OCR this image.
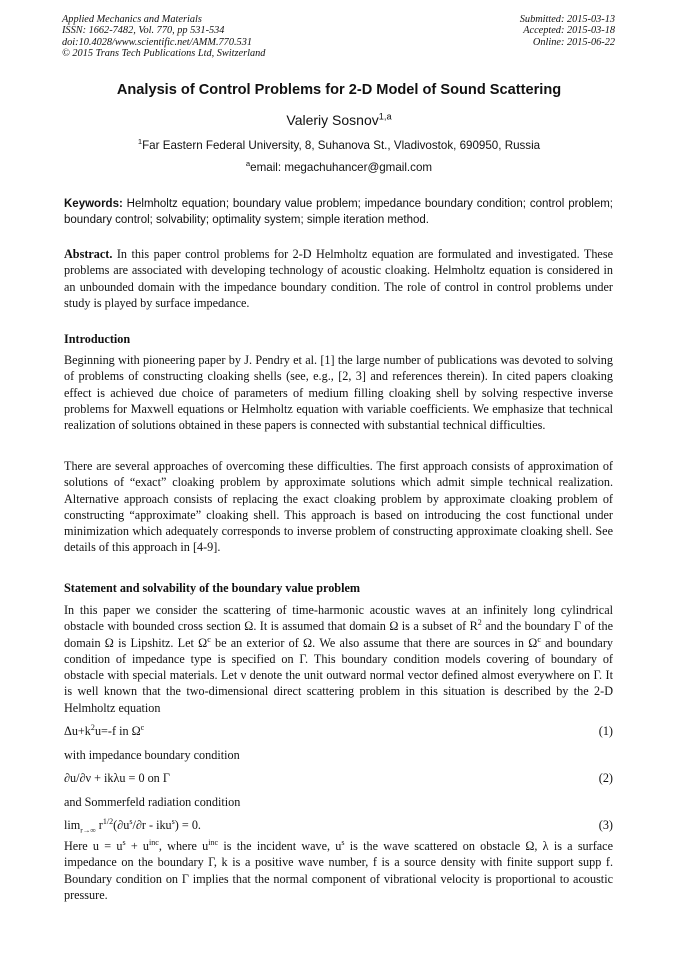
Applied Mechanics and Materials
ISSN: 1662-7482, Vol. 770, pp 531-534
doi:10.4028/www.scientific.net/AMM.770.531
© 2015 Trans Tech Publications Ltd, Switzerland
Submitted: 2015-03-13
Accepted: 2015-03-18
Online: 2015-06-22
Analysis of Control Problems for 2-D Model of Sound Scattering
Valeriy Sosnov$^{1,a}$
$^1$Far Eastern Federal University, 8, Suhanova St., Vladivostok, 690950, Russia
$^a$email: megachuhancer@gmail.com
Keywords: Helmholtz equation; boundary value problem; impedance boundary condition; control problem; boundary control; solvability; optimality system; simple iteration method.
Abstract. In this paper control problems for 2-D Helmholtz equation are formulated and investigated. These problems are associated with developing technology of acoustic cloaking. Helmholtz equation is considered in an unbounded domain with the impedance boundary condition. The role of control in control problems under study is played by surface impedance.
Introduction
Beginning with pioneering paper by J. Pendry et al. [1] the large number of publications was devoted to solving of problems of constructing cloaking shells (see, e.g., [2, 3] and references therein). In cited papers cloaking effect is achieved due choice of parameters of medium filling cloaking shell by solving respective inverse problems for Maxwell equations or Helmholtz equation with variable coefficients. We emphasize that technical realization of solutions obtained in these papers is connected with substantial technical difficulties.
There are several approaches of overcoming these difficulties. The first approach consists of approximation of solutions of “exact” cloaking problem by approximate solutions which admit simple technical realization. Alternative approach consists of replacing the exact cloaking problem by approximate cloaking problem of constructing “approximate” cloaking shell. This approach is based on introducing the cost functional under minimization which adequately corresponds to inverse problem of constructing approximate cloaking shell. See details of this approach in [4-9].
Statement and solvability of the boundary value problem
In this paper we consider the scattering of time-harmonic acoustic waves at an infinitely long cylindrical obstacle with bounded cross section Ω. It is assumed that domain Ω is a subset of $R^2$ and the boundary Γ of the domain Ω is Lipshitz. Let $\Omega^c$ be an exterior of Ω. We also assume that there are sources in $\Omega^c$ and boundary condition of impedance type is specified on Γ. This boundary condition models covering of boundary of obstacle with special materials. Let ν denote the unit outward normal vector defined almost everywhere on Γ. It is well known that the two-dimensional direct scattering problem in this situation is described by the 2-D Helmholtz equation
$\Delta u+k^2u=-f$ in $\Omega^c$	(1)
with impedance boundary condition
∂u/∂ν + ikλu = 0 on Γ	(2)
and Sommerfeld radiation condition
$\lim_{r\to\infty} r^{1/2}(\partial u^s/\partial r - iku^s) = 0$.	(3)
Here $u = u^s + u^{inc}$, where $u^{inc}$ is the incident wave, $u^s$ is the wave scattered on obstacle Ω, λ is a surface impedance on the boundary Γ, k is a positive wave number, f is a source density with finite support supp f. Boundary condition on Γ implies that the normal component of vibrational velocity is proportional to acoustic pressure.
